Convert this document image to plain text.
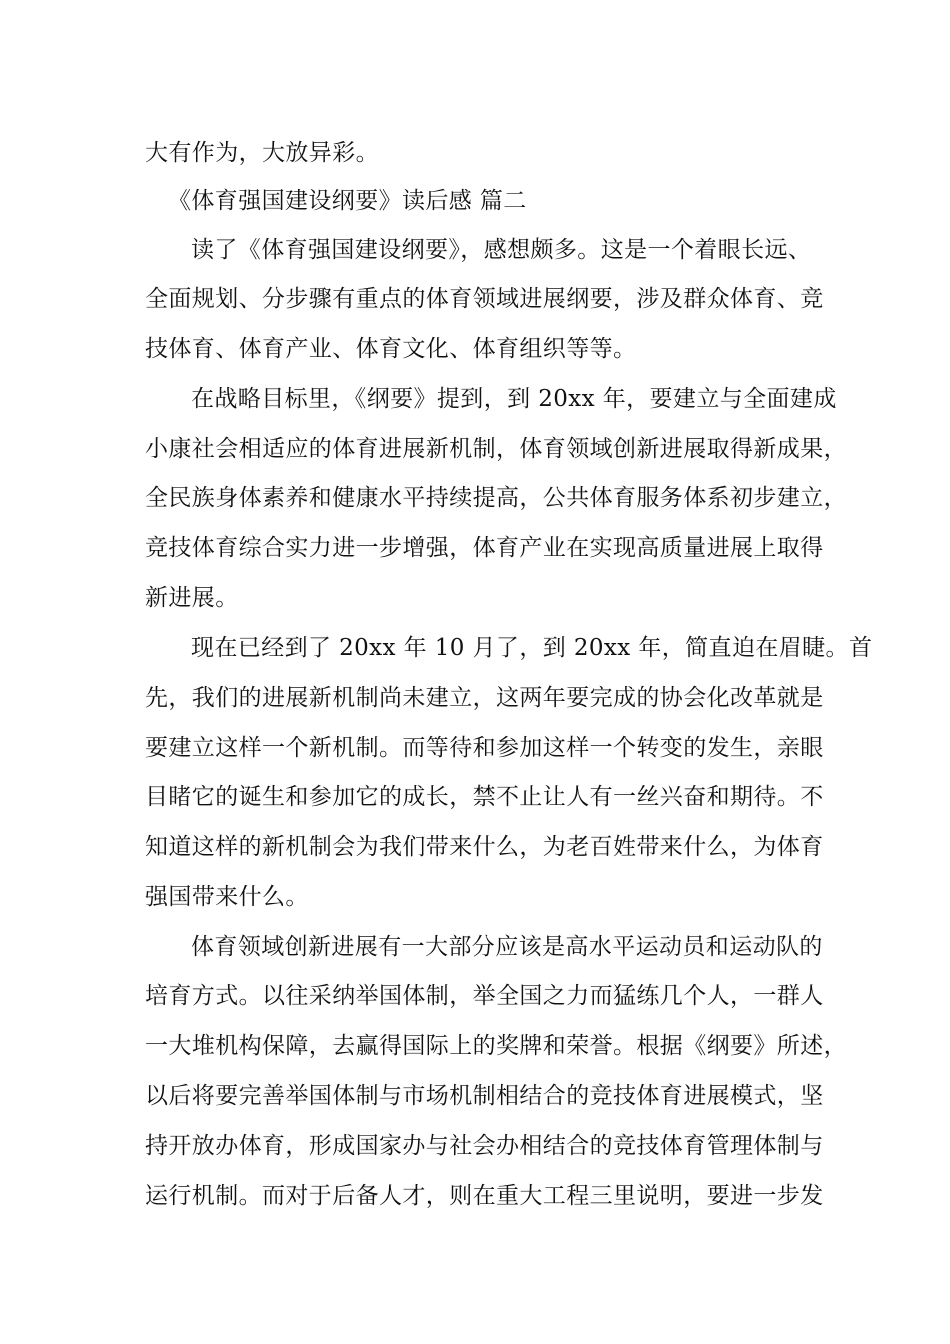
大有作为，大放异彩。
《体育强国建设纲要》读后感 篇二
读了《体育强国建设纲要》，感想颇多。这是一个着眼长远、
全面规划、分步骤有重点的体育领域进展纲要，涉及群众体育、竞
技体育、体育产业、体育文化、体育组织等等。
在战略目标里，《纲要》提到，到 20xx 年，要建立与全面建成
小康社会相适应的体育进展新机制，体育领域创新进展取得新成果，
全民族身体素养和健康水平持续提高，公共体育服务体系初步建立，
竞技体育综合实力进一步增强，体育产业在实现高质量进展上取得
新进展。
现在已经到了 20xx 年 10 月了，到 20xx 年，简直迫在眉睫。首
先，我们的进展新机制尚未建立，这两年要完成的协会化改革就是
要建立这样一个新机制。而等待和参加这样一个转变的发生，亲眼
目睹它的诞生和参加它的成长，禁不止让人有一丝兴奋和期待。不
知道这样的新机制会为我们带来什么，为老百姓带来什么，为体育
强国带来什么。
体育领域创新进展有一大部分应该是高水平运动员和运动队的
培育方式。以往采纳举国体制，举全国之力而猛练几个人，一群人
一大堆机构保障，去赢得国际上的奖牌和荣誉。根据《纲要》所述，
以后将要完善举国体制与市场机制相结合的竞技体育进展模式，坚
持开放办体育，形成国家办与社会办相结合的竞技体育管理体制与
运行机制。而对于后备人才，则在重大工程三里说明，要进一步发
